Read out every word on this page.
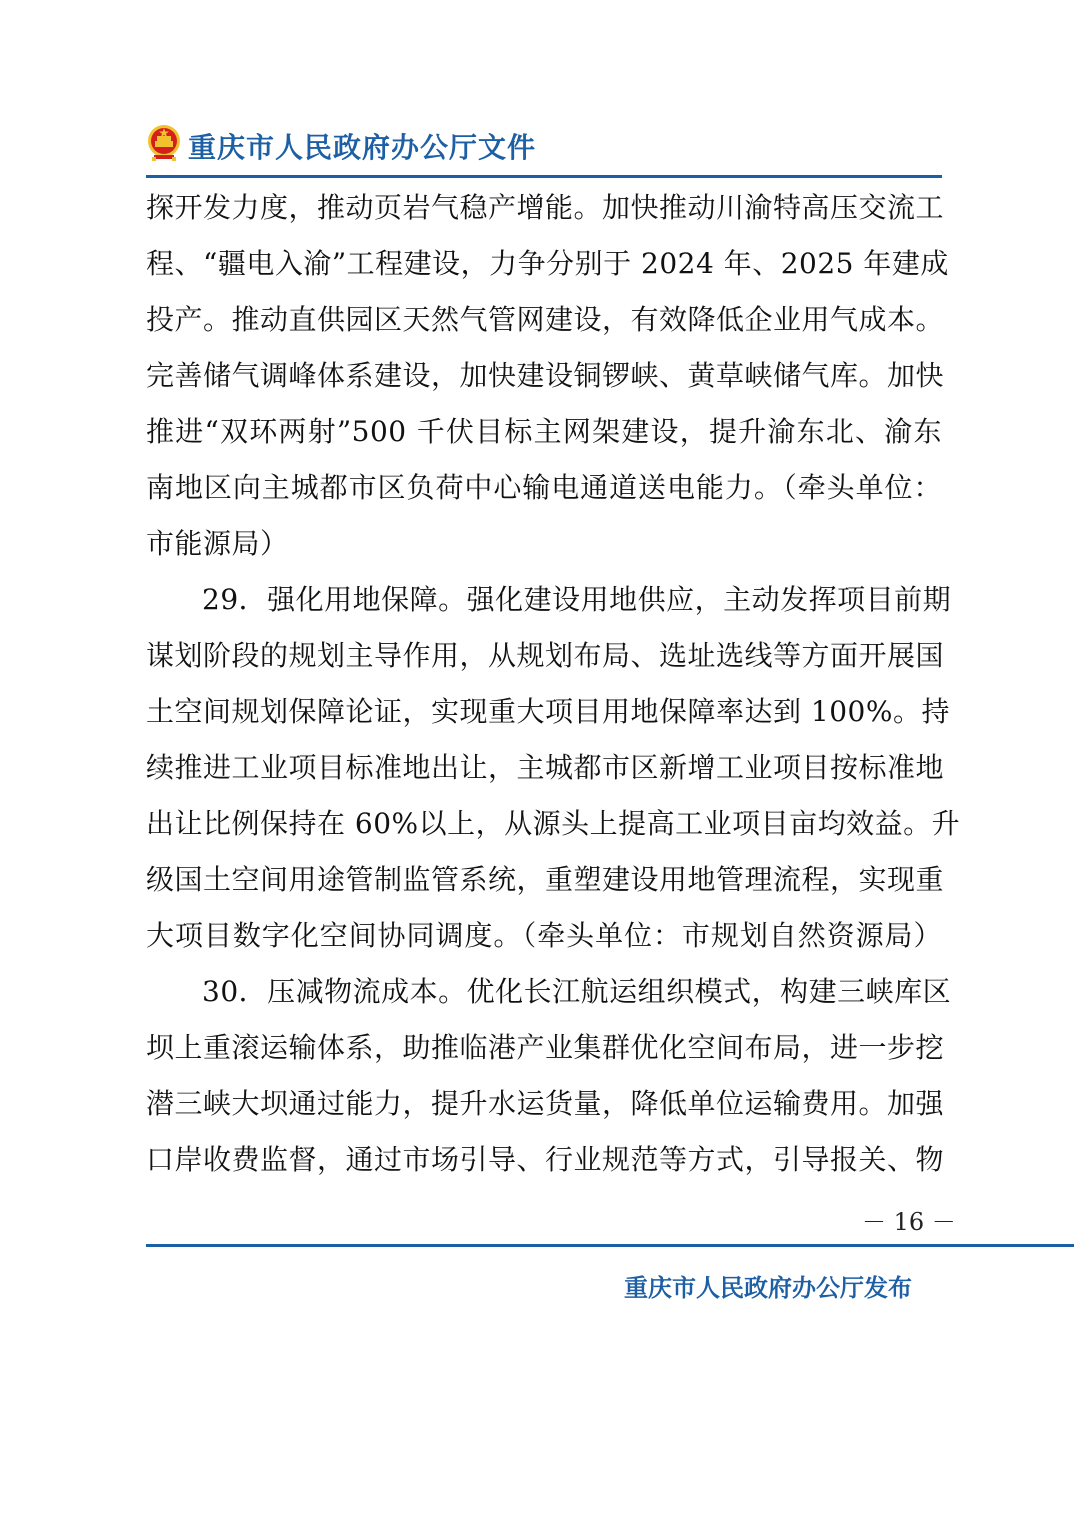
重庆市人民政府办公厅文件
探开发力度，推动页岩气稳产增能。加快推动川渝特高压交流工
程、“疆电入渝”工程建设，力争分别于 2024 年、2025 年建成
投产。推动直供园区天然气管网建设，有效降低企业用气成本。
完善储气调峰体系建设，加快建设铜锣峡、黄草峡储气库。加快
推进“双环两射”500 千伏目标主网架建设，提升渝东北、渝东
南地区向主城都市区负荷中心输电通道送电能力。（牵头单位：
市能源局）
29．强化用地保障。强化建设用地供应，主动发挥项目前期
谋划阶段的规划主导作用，从规划布局、选址选线等方面开展国
土空间规划保障论证，实现重大项目用地保障率达到 100%。持
续推进工业项目标准地出让，主城都市区新增工业项目按标准地
出让比例保持在 60%以上，从源头上提高工业项目亩均效益。升
级国土空间用途管制监管系统，重塑建设用地管理流程，实现重
大项目数字化空间协同调度。（牵头单位：市规划自然资源局）
30．压减物流成本。优化长江航运组织模式，构建三峡库区
坝上重滚运输体系，助推临港产业集群优化空间布局，进一步挖
潜三峡大坝通过能力，提升水运货量，降低单位运输费用。加强
口岸收费监督，通过市场引导、行业规范等方式，引导报关、物
－ 16 －
重庆市人民政府办公厅发布
